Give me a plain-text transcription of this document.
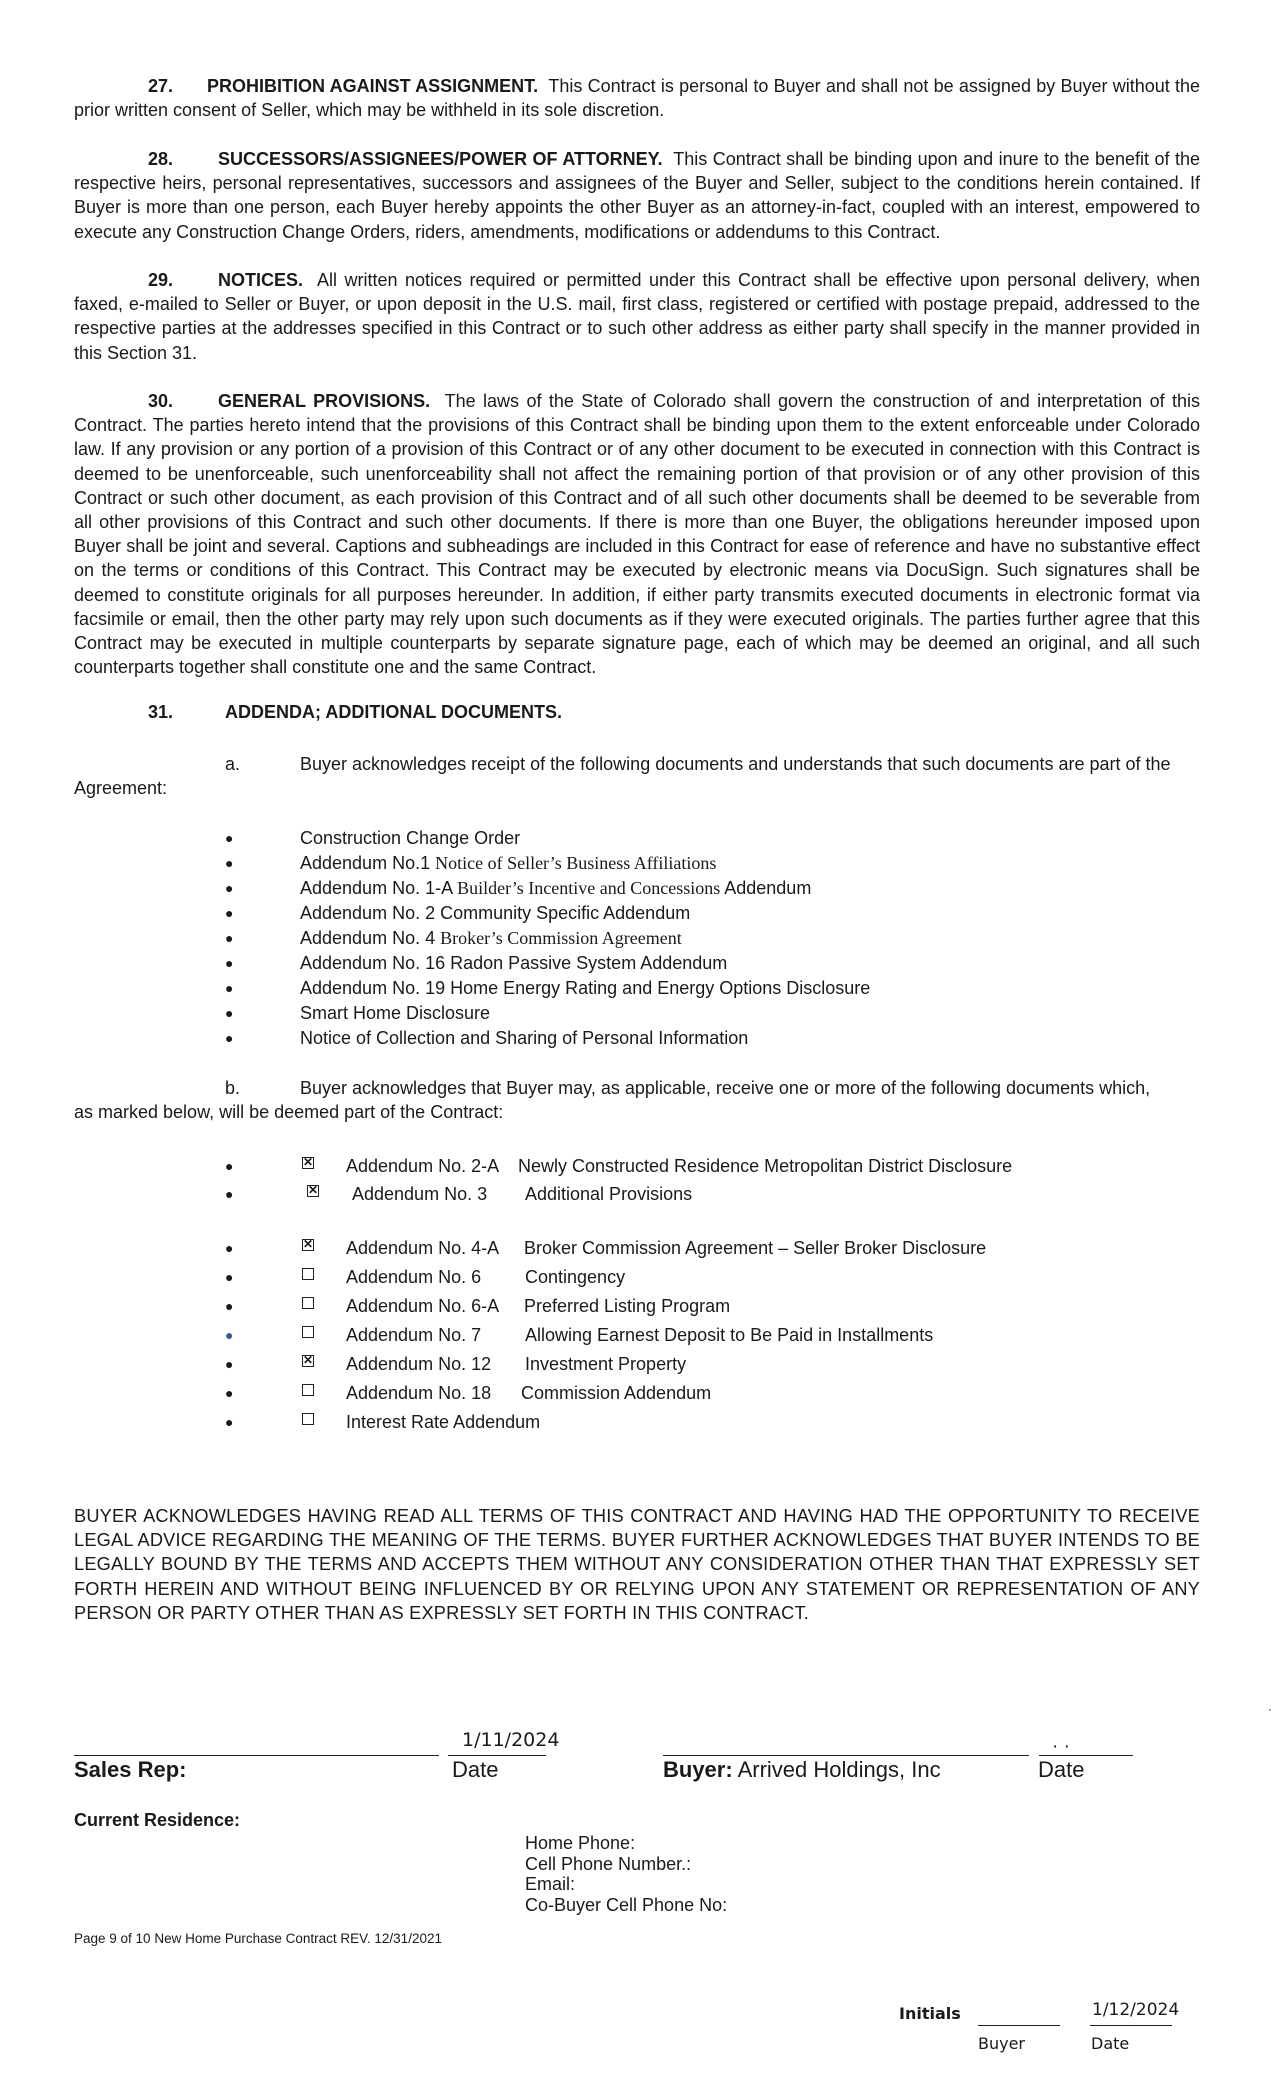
27. PROHIBITION AGAINST ASSIGNMENT. This Contract is personal to Buyer and shall not be assigned by Buyer without the prior written consent of Seller, which may be withheld in its sole discretion.

28.	SUCCESSORS/ASSIGNEES/POWER OF ATTORNEY. This Contract shall be binding upon and inure to the benefit of the respective heirs, personal representatives, successors and assignees of the Buyer and Seller, subject to the conditions herein contained. If Buyer is more than one person, each Buyer hereby appoints the other Buyer as an attorney-in-fact, coupled with an interest, empowered to execute any Construction Change Orders, riders, amendments, modifications or addendums to this Contract.

29.	NOTICES. All written notices required or permitted under this Contract shall be effective upon personal delivery, when faxed, e-mailed to Seller or Buyer, or upon deposit in the U.S. mail, first class, registered or certified with postage prepaid, addressed to the respective parties at the addresses specified in this Contract or to such other address as either party shall specify in the manner provided in this Section 31.

30.	GENERAL PROVISIONS. The laws of the State of Colorado shall govern the construction of and interpretation of this Contract. The parties hereto intend that the provisions of this Contract shall be binding upon them to the extent enforceable under Colorado law. If any provision or any portion of a provision of this Contract or of any other document to be executed in connection with this Contract is deemed to be unenforceable, such unenforceability shall not affect the remaining portion of that provision or of any other provision of this Contract or such other document, as each provision of this Contract and of all such other documents shall be deemed to be severable from all other provisions of this Contract and such other documents. If there is more than one Buyer, the obligations hereunder imposed upon Buyer shall be joint and several. Captions and subheadings are included in this Contract for ease of reference and have no substantive effect on the terms or conditions of this Contract. This Contract may be executed by electronic means via DocuSign. Such signatures shall be deemed to constitute originals for all purposes hereunder. In addition, if either party transmits executed documents in electronic format via facsimile or email, then the other party may rely upon such documents as if they were executed originals. The parties further agree that this Contract may be executed in multiple counterparts by separate signature page, each of which may be deemed an original, and all such counterparts together shall constitute one and the same Contract.

31.	ADDENDA; ADDITIONAL DOCUMENTS.
a.	Buyer acknowledges receipt of the following documents and understands that such documents are part of the
Agreement:
●	Construction Change Order
●	Addendum No.1 Notice of Seller’s Business Affiliations
●	Addendum No. 1-A Builder’s Incentive and Concessions Addendum
●	Addendum No. 2 Community Specific Addendum
●	Addendum No. 4 Broker’s Commission Agreement
●	Addendum No. 16 Radon Passive System Addendum
●	Addendum No. 19 Home Energy Rating and Energy Options Disclosure
●	Smart Home Disclosure
●	Notice of Collection and Sharing of Personal Information
b.	Buyer acknowledges that Buyer may, as applicable, receive one or more of the following documents which,
as marked below, will be deemed part of the Contract:
●	✕ Addendum No. 2-A Newly Constructed Residence Metropolitan District Disclosure
●	✕ Addendum No. 3 Additional Provisions
●	✕ Addendum No. 4-A Broker Commission Agreement – Seller Broker Disclosure
●	Addendum No. 6 Contingency
●	Addendum No. 6-A Preferred Listing Program
●	Addendum No. 7 Allowing Earnest Deposit to Be Paid in Installments
●	✕ Addendum No. 12 Investment Property
●	Addendum No. 18 Commission Addendum
●	Interest Rate Addendum

BUYER ACKNOWLEDGES HAVING READ ALL TERMS OF THIS CONTRACT AND HAVING HAD THE OPPORTUNITY TO RECEIVE LEGAL ADVICE REGARDING THE MEANING OF THE TERMS. BUYER FURTHER ACKNOWLEDGES THAT BUYER INTENDS TO BE LEGALLY BOUND BY THE TERMS AND ACCEPTS THEM WITHOUT ANY CONSIDERATION OTHER THAN THAT EXPRESSLY SET FORTH HEREIN AND WITHOUT BEING INFLUENCED BY OR RELYING UPON ANY STATEMENT OR REPRESENTATION OF ANY PERSON OR PARTY OTHER THAN AS EXPRESSLY SET FORTH IN THIS CONTRACT.

1/11/2024
Sales Rep:	Date
· ·
Buyer: Arrived Holdings, Inc	Date
Current Residence:
Home Phone:
Cell Phone Number.:
Email:
Co-Buyer Cell Phone No:
Page 9 of 10 New Home Purchase Contract REV. 12/31/2021
Initials	1/12/2024
Buyer	Date
·
